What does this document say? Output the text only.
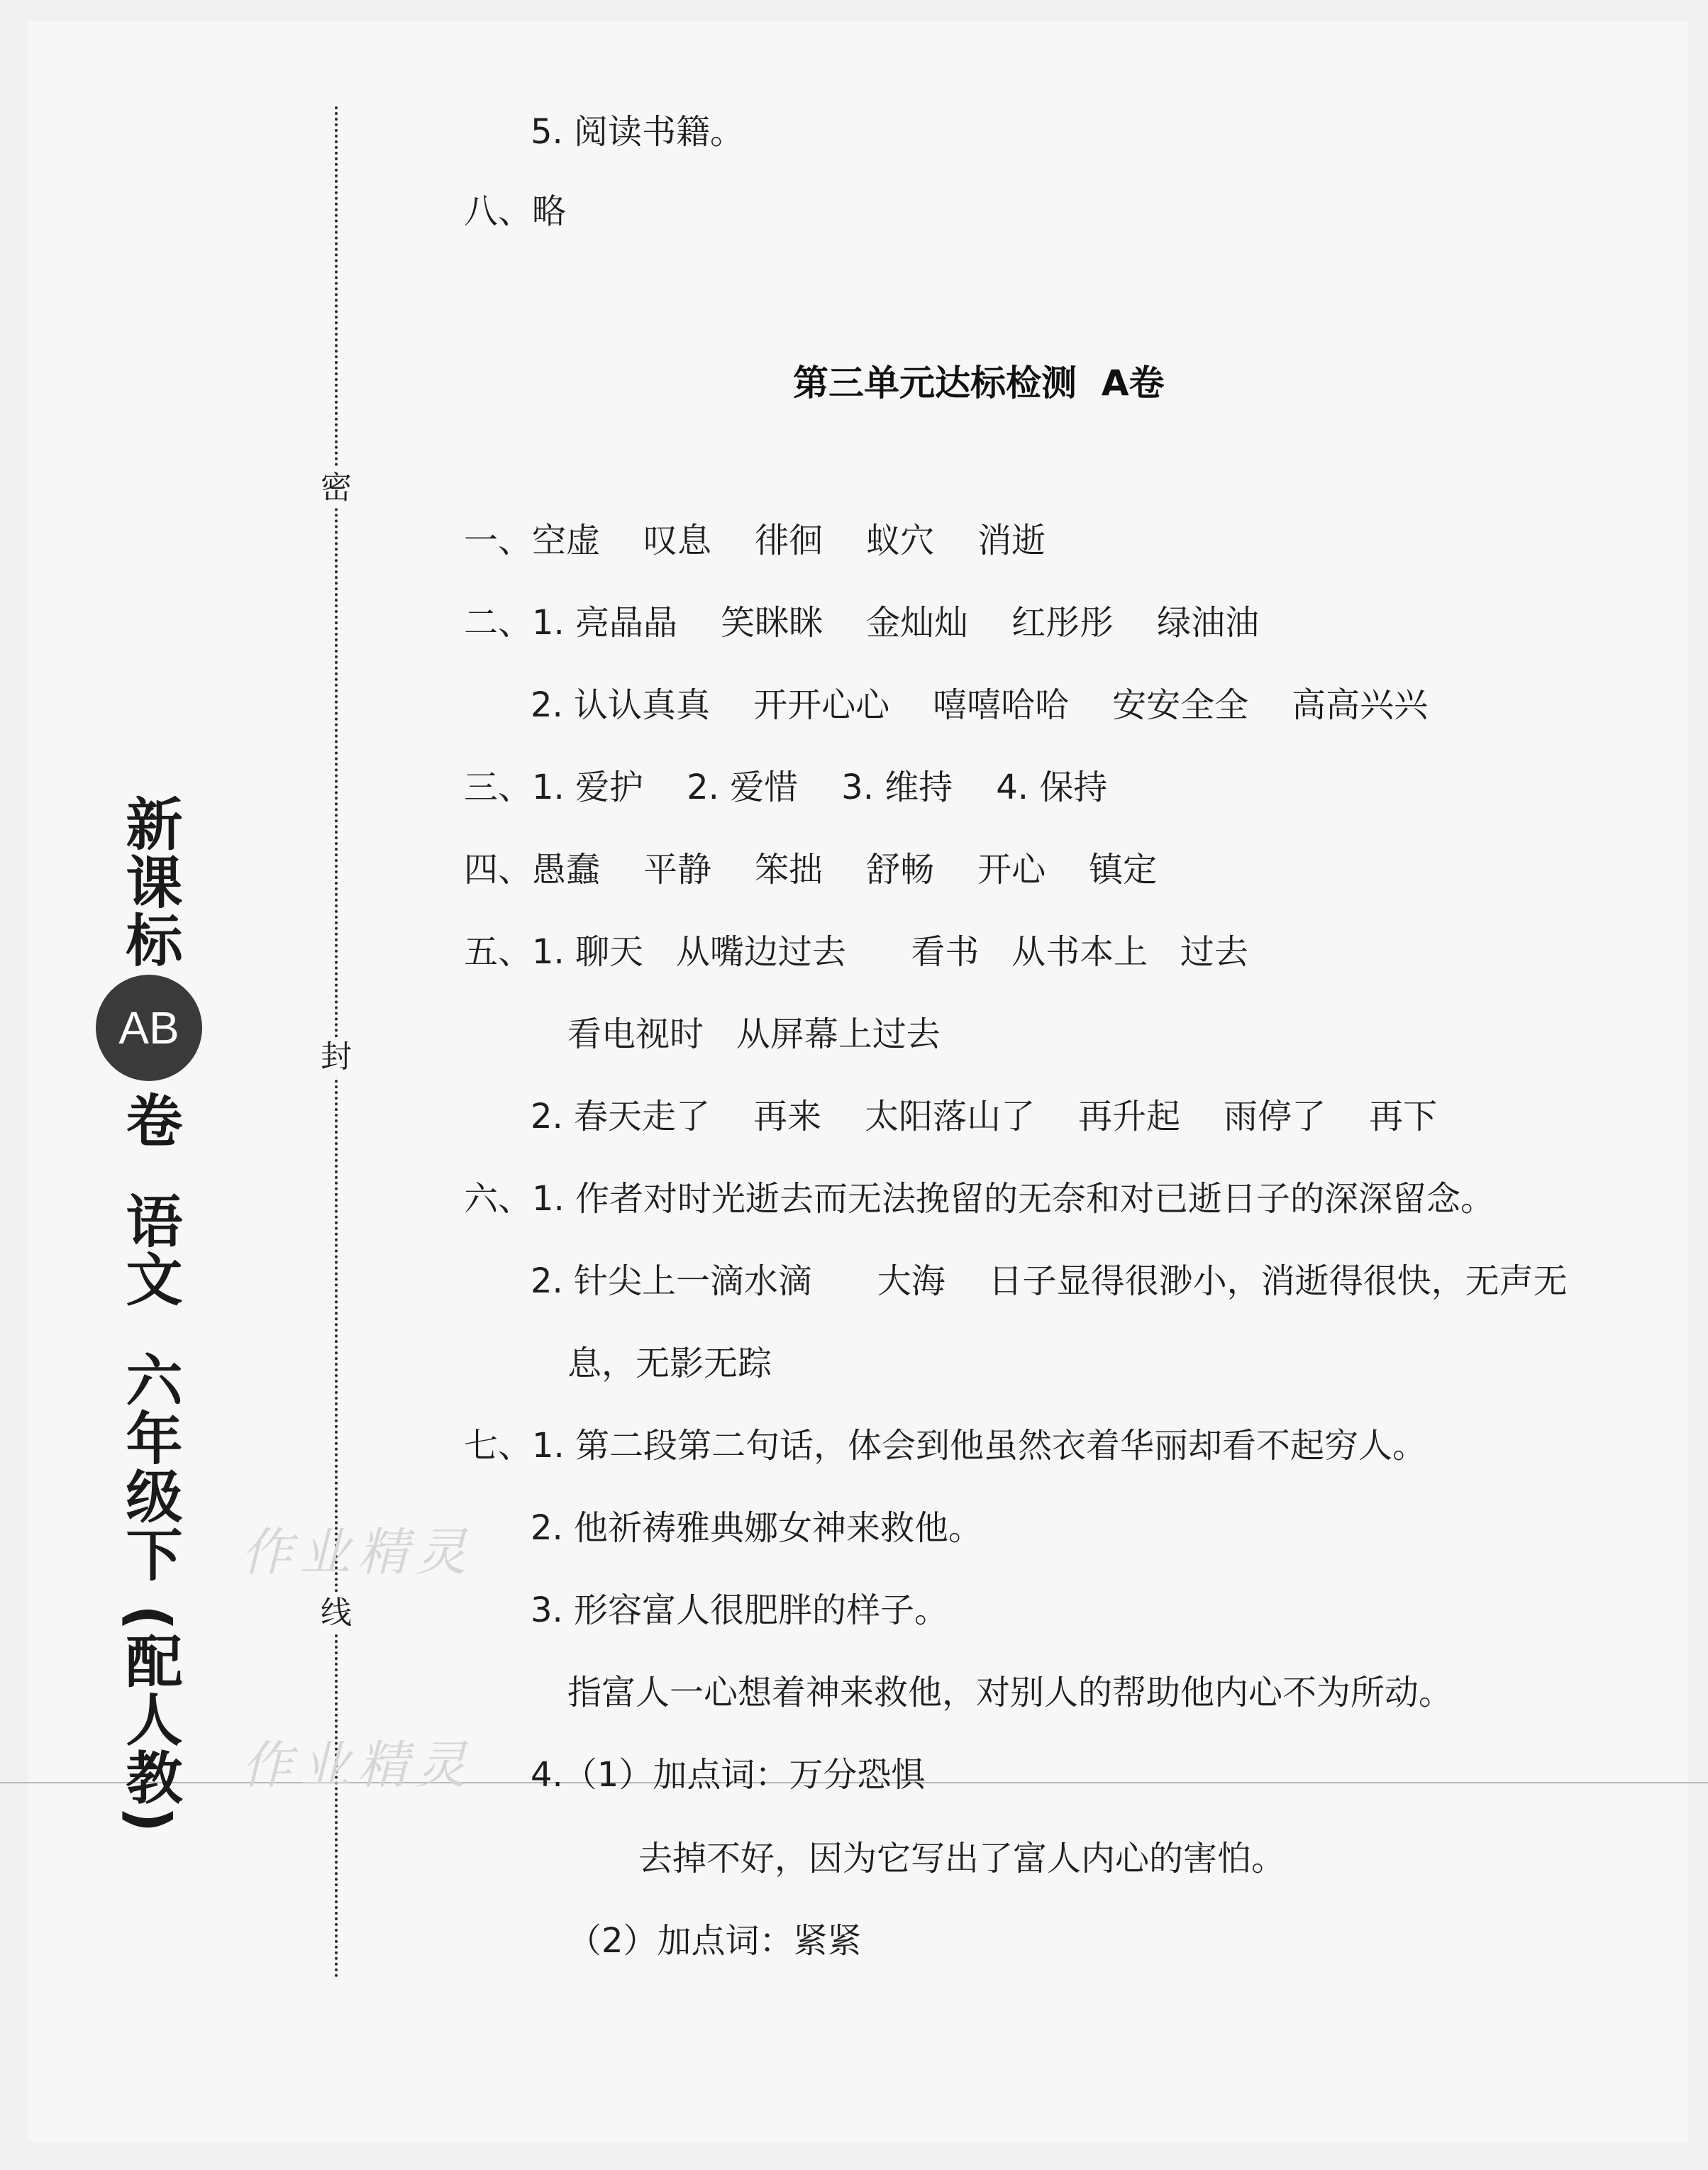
密
封
线
新课标
AB
卷
语文
六年级下
(配人教)
作业精灵
作业精灵
5. 阅读书籍。
八、略
第三单元达标检测  A卷
一、空虚    叹息    徘徊    蚁穴    消逝
二、1. 亮晶晶    笑眯眯    金灿灿    红彤彤    绿油油
2. 认认真真    开开心心    嘻嘻哈哈    安安全全    高高兴兴
三、1. 爱护    2. 爱惜    3. 维持    4. 保持
四、愚蠢    平静    笨拙    舒畅    开心    镇定
五、1. 聊天   从嘴边过去      看书   从书本上   过去
看电视时   从屏幕上过去
2. 春天走了    再来    太阳落山了    再升起    雨停了    再下
六、1. 作者对时光逝去而无法挽留的无奈和对已逝日子的深深留念。
2. 针尖上一滴水滴      大海    日子显得很渺小，消逝得很快，无声无
息，无影无踪
七、1. 第二段第二句话，体会到他虽然衣着华丽却看不起穷人。
2. 他祈祷雅典娜女神来救他。
3. 形容富人很肥胖的样子。
指富人一心想着神来救他，对别人的帮助他内心不为所动。
4.（1）加点词：万分恐惧
去掉不好，因为它写出了富人内心的害怕。
（2）加点词：紧紧
